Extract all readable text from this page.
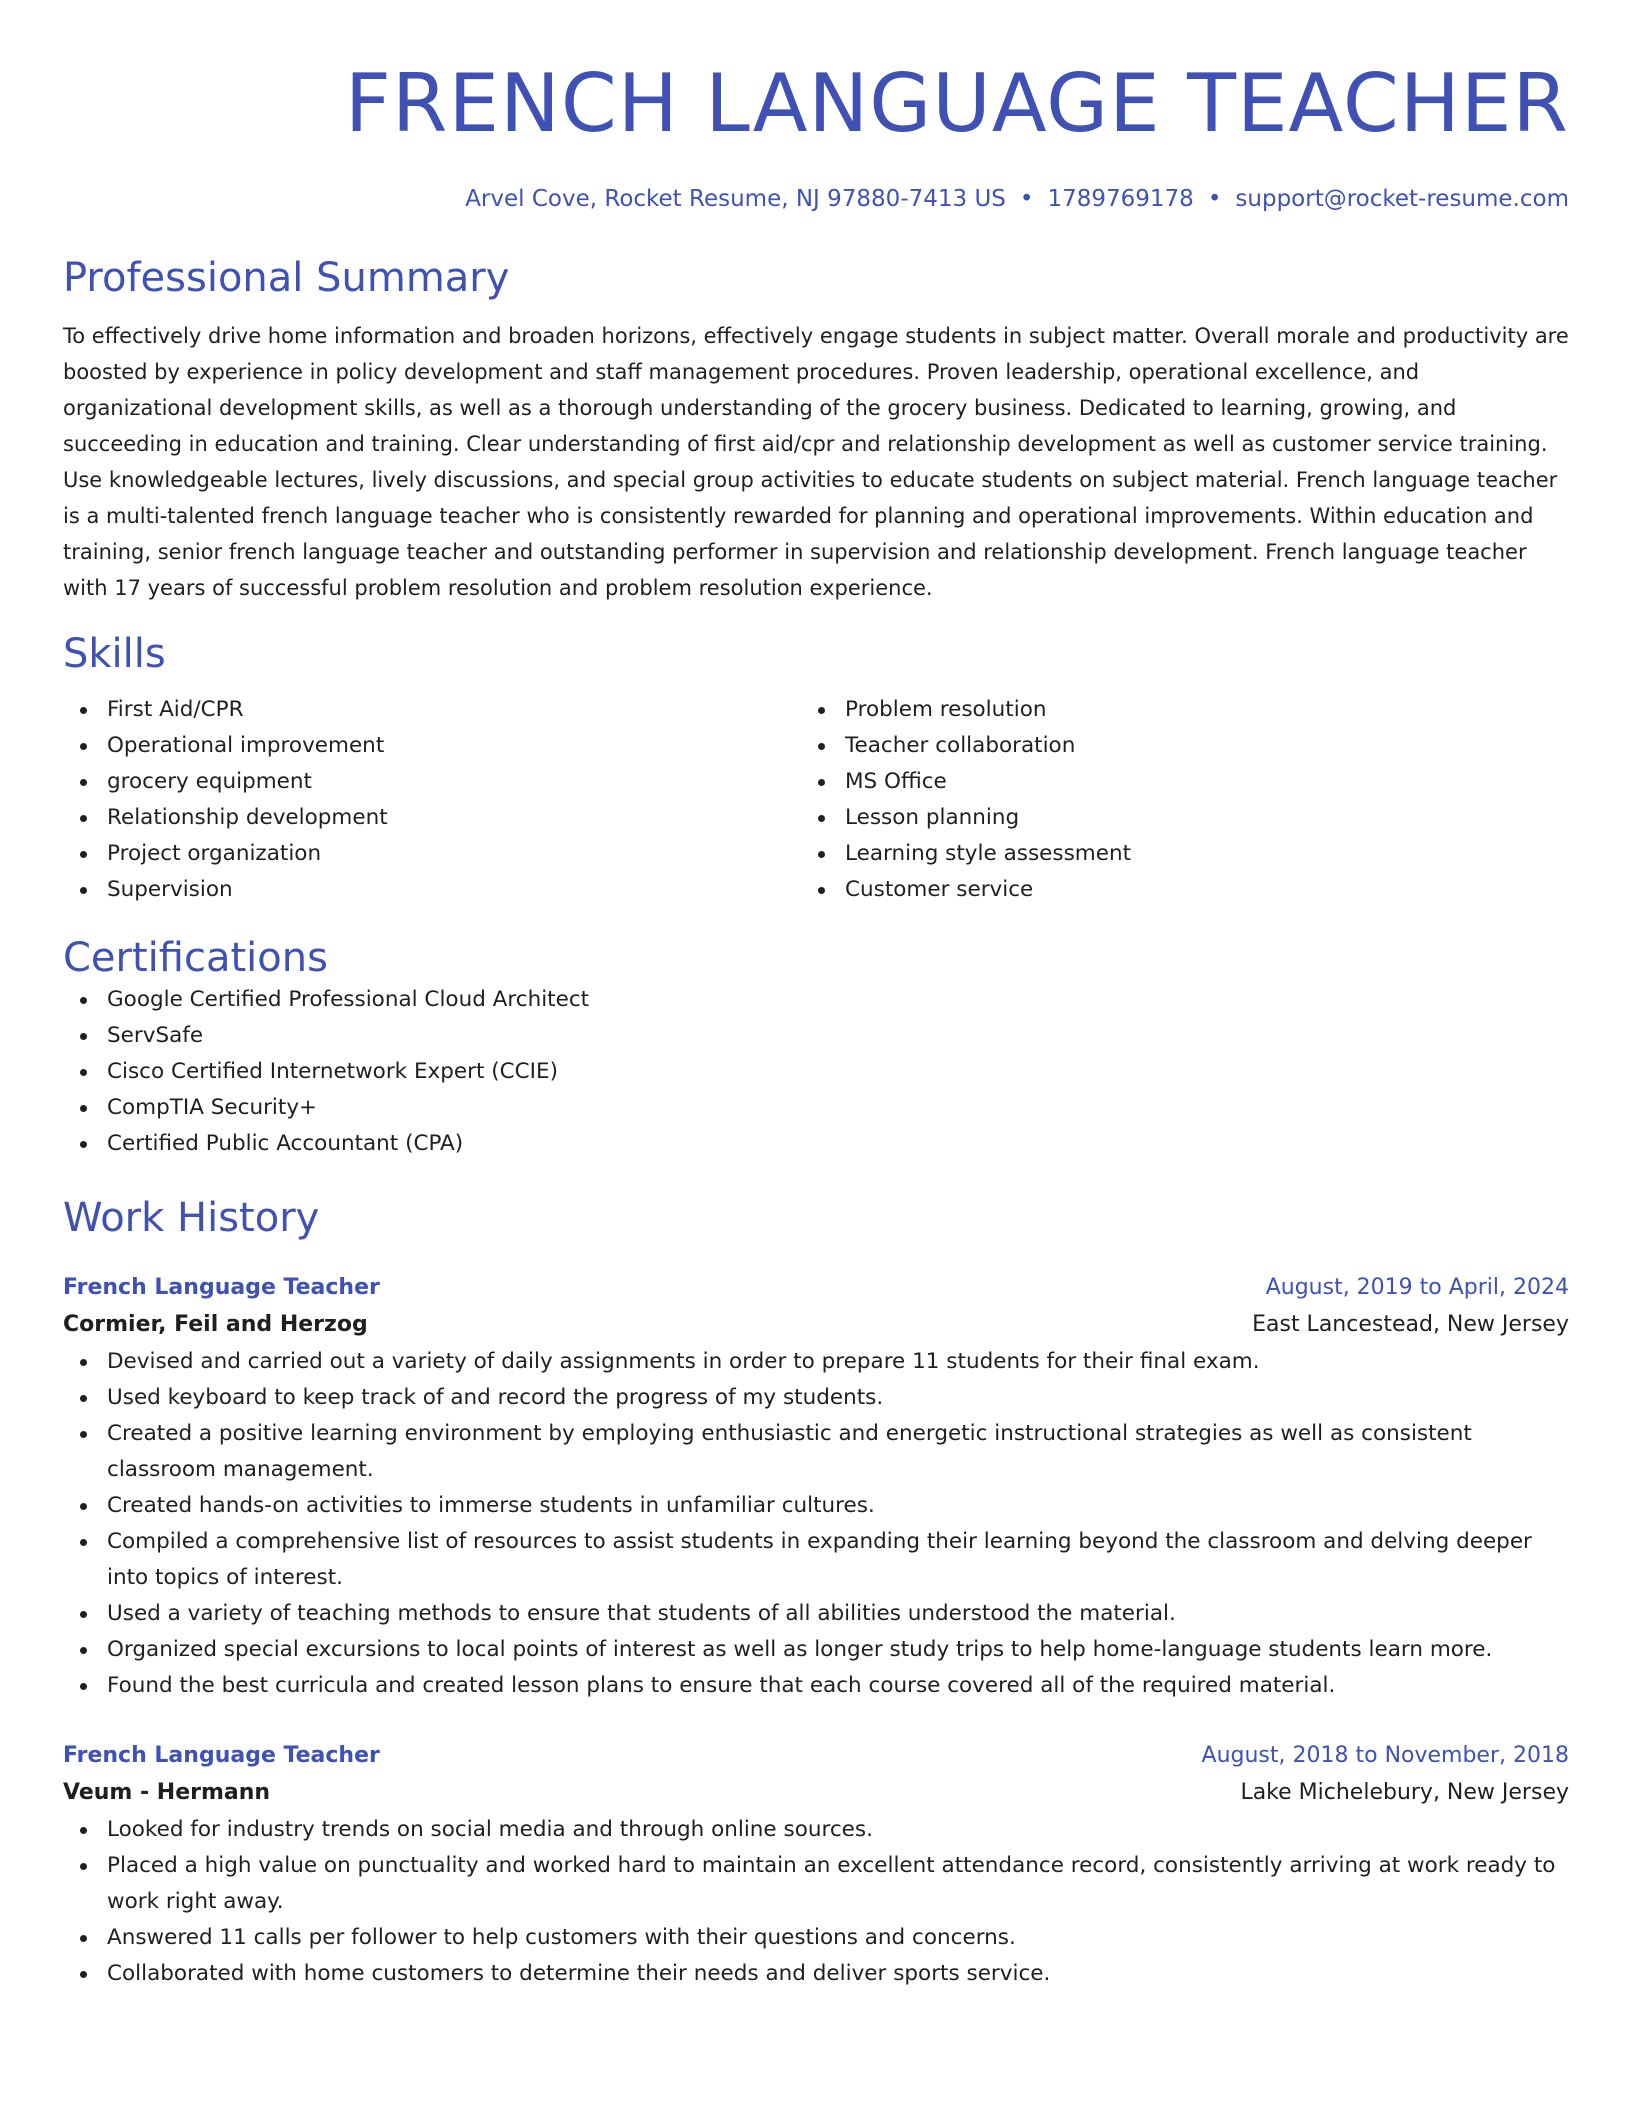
FRENCH LANGUAGE TEACHER
Arvel Cove, Rocket Resume, NJ 97880-7413 US • 1789769178 • support@rocket-resume.com
Professional Summary

To effectively drive home information and broaden horizons, effectively engage students in subject matter. Overall morale and productivity are boosted by experience in policy development and staff management procedures. Proven leadership, operational excellence, and organizational development skills, as well as a thorough understanding of the grocery business. Dedicated to learning, growing, and succeeding in education and training. Clear understanding of first aid/cpr and relationship development as well as customer service training. Use knowledgeable lectures, lively discussions, and special group activities to educate students on subject material. French language teacher is a multi-talented french language teacher who is consistently rewarded for planning and operational improvements. Within education and training, senior french language teacher and outstanding performer in supervision and relationship development. French language teacher with 17 years of successful problem resolution and problem resolution experience.

Skills
First Aid/CPR
Operational improvement
grocery equipment
Relationship development
Project organization
Supervision
Problem resolution
Teacher collaboration
MS Office
Lesson planning
Learning style assessment
Customer service
Certifications
Google Certified Professional Cloud Architect
ServSafe
Cisco Certified Internetwork Expert (CCIE)
CompTIA Security+
Certified Public Accountant (CPA)
Work History
French Language Teacher	August, 2019 to April, 2024
Cormier, Feil and Herzog	East Lancestead, New Jersey
Devised and carried out a variety of daily assignments in order to prepare 11 students for their final exam.
Used keyboard to keep track of and record the progress of my students.
Created a positive learning environment by employing enthusiastic and energetic instructional strategies as well as consistent classroom management.
Created hands-on activities to immerse students in unfamiliar cultures.
Compiled a comprehensive list of resources to assist students in expanding their learning beyond the classroom and delving deeper into topics of interest.
Used a variety of teaching methods to ensure that students of all abilities understood the material.
Organized special excursions to local points of interest as well as longer study trips to help home-language students learn more.
Found the best curricula and created lesson plans to ensure that each course covered all of the required material.
French Language Teacher	August, 2018 to November, 2018
Veum - Hermann	Lake Michelebury, New Jersey
Looked for industry trends on social media and through online sources.
Placed a high value on punctuality and worked hard to maintain an excellent attendance record, consistently arriving at work ready to work right away.
Answered 11 calls per follower to help customers with their questions and concerns.
Collaborated with home customers to determine their needs and deliver sports service.
